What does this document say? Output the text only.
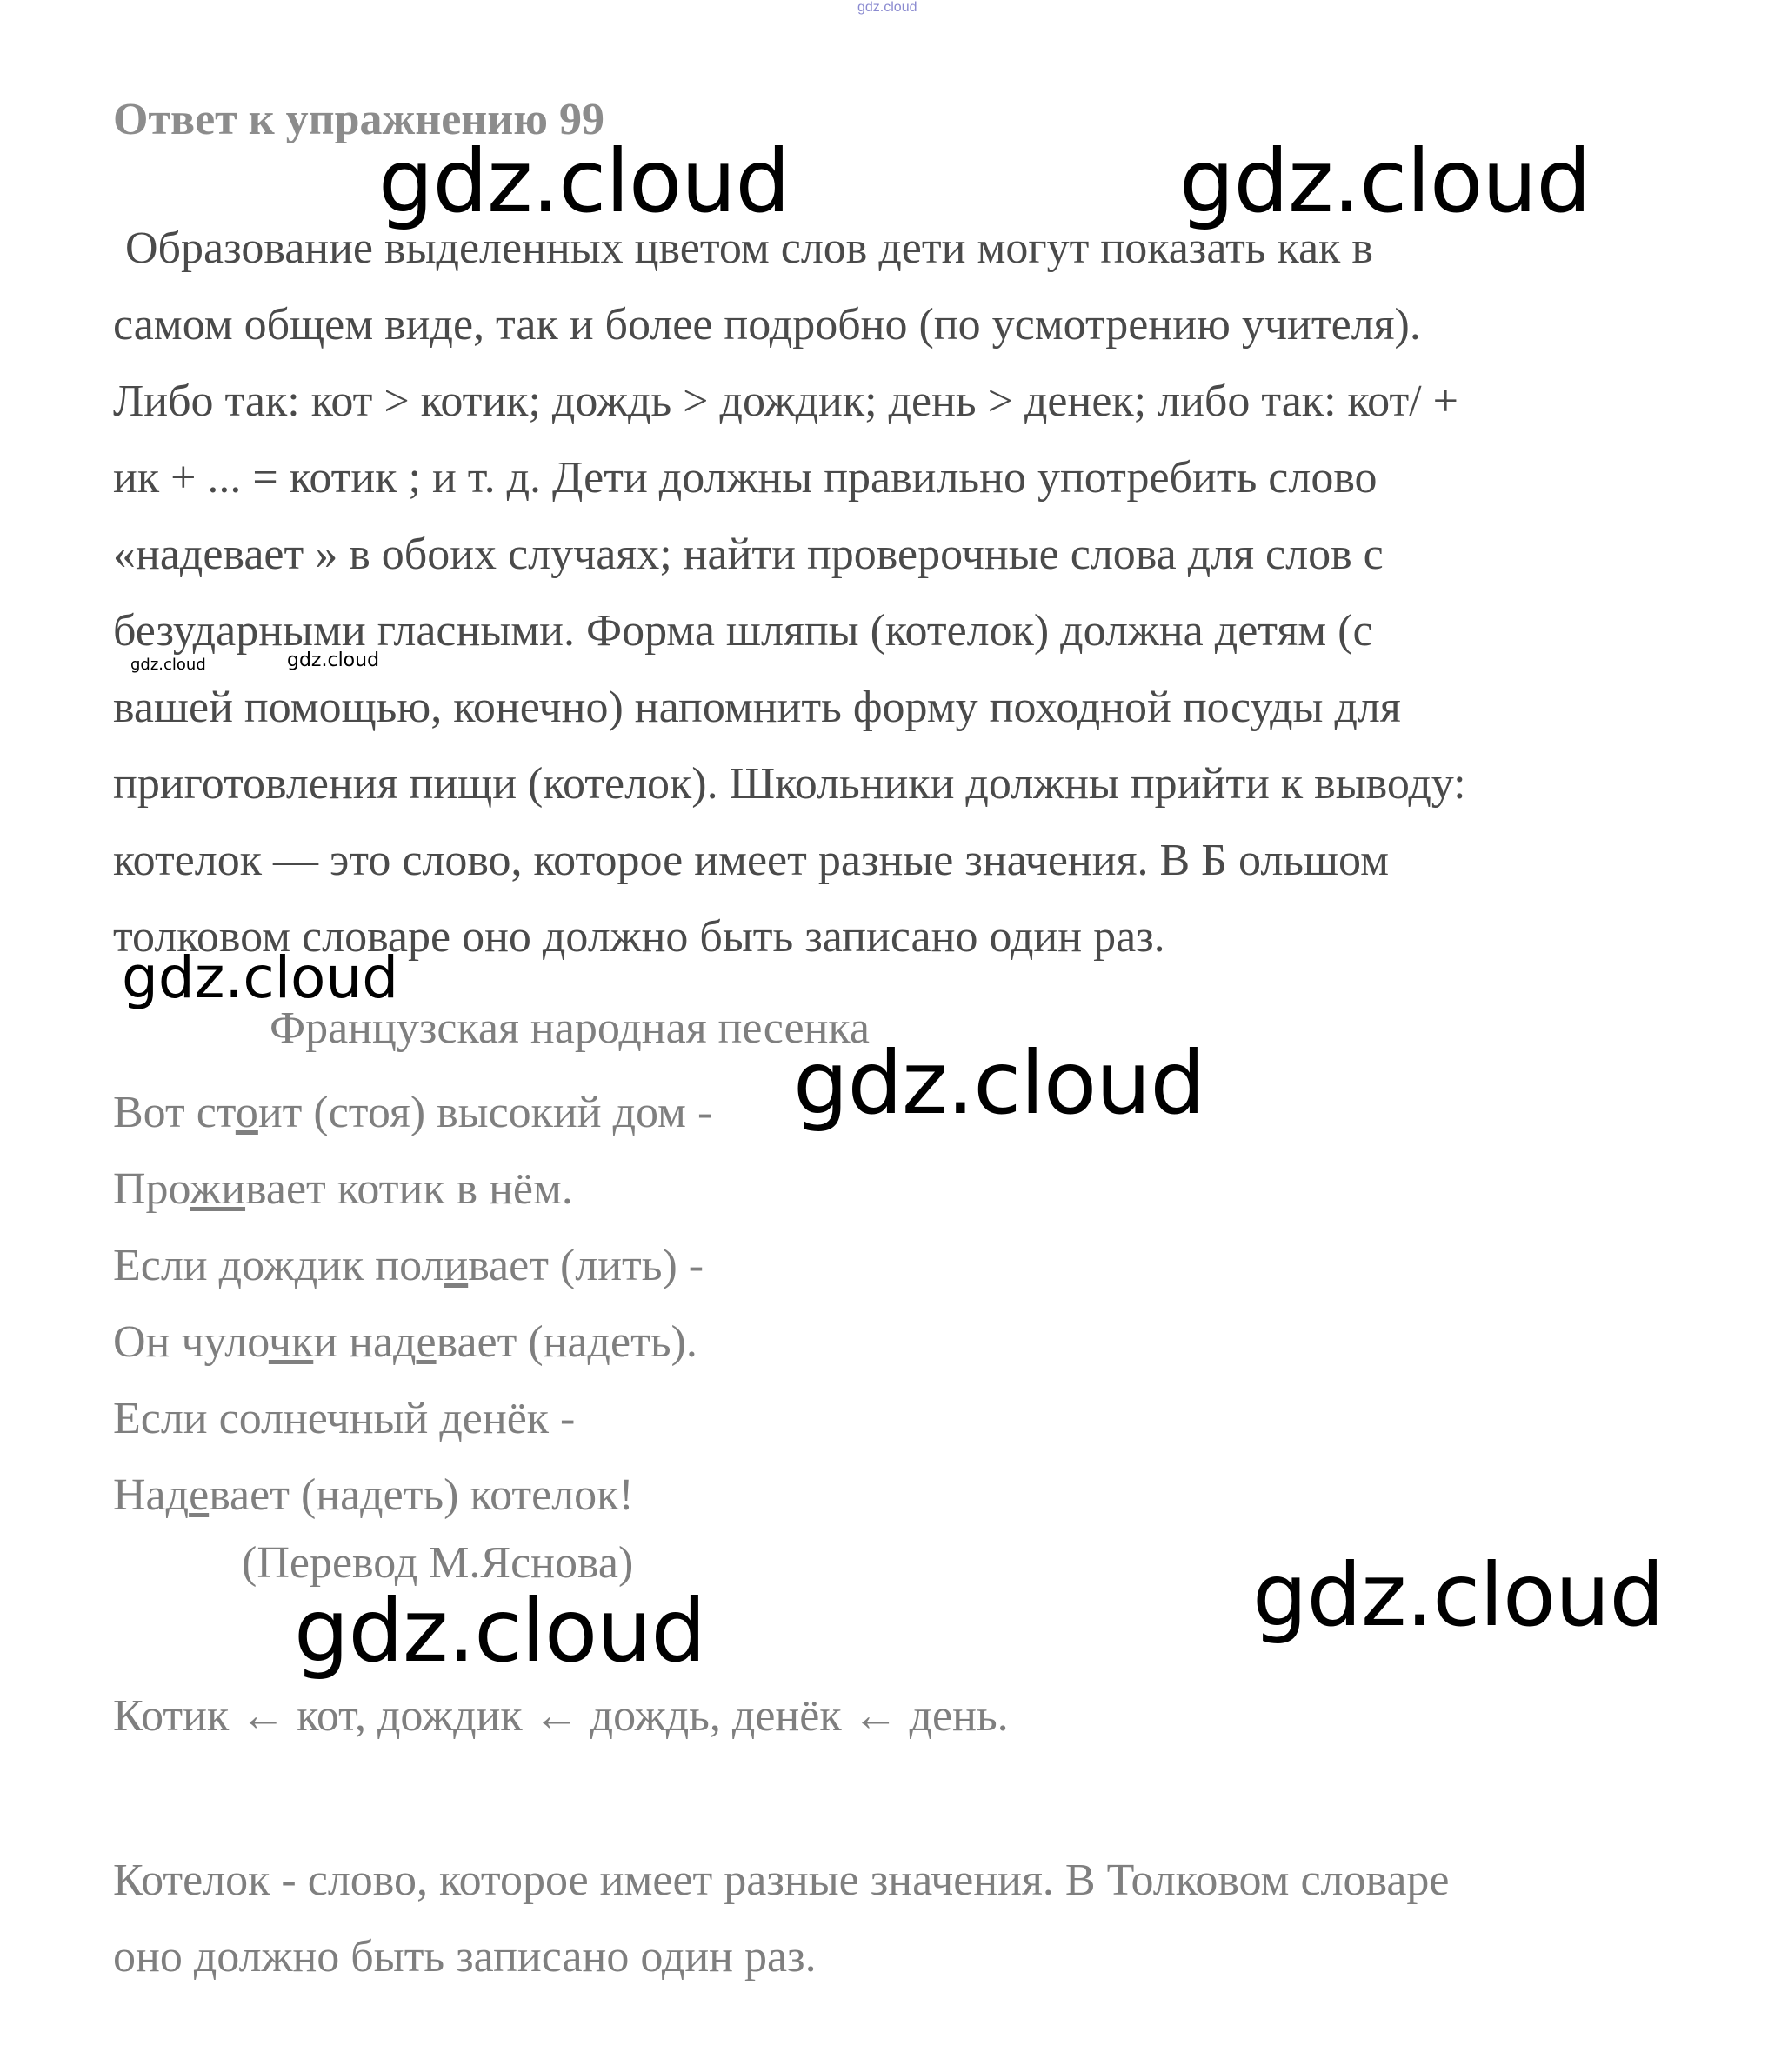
gdz.cloud
Ответ к упражнению 99
Образование выделенных цветом слов дети могут показать как в
самом общем виде, так и более подробно (по усмотрению учителя).
Либо так: кот > котик; дождь > дождик; день > денек; либо так: кот/ +
ик + ... = котик ; и т. д. Дети должны правильно употребить слово
«надевает » в обоих случаях; найти проверочные слова для слов с
безударными гласными. Форма шляпы (котелок) должна детям (с
вашей помощью, конечно) напомнить форму походной посуды для
приготовления пищи (котелок). Школьники должны прийти к выводу:
котелок — это слово, которое имеет разные значения. В Б ольшом
толковом словаре оно должно быть записано один раз.
Французская народная песенка
Вот стоит (стоя) высокий дом -
Проживает котик в нём.
Если дождик поливает (лить) -
Он чулочки надевает (надеть).
Если солнечный денёк -
Надевает (надеть) котелок!
(Перевод М.Яснова)
Котик ← кот, дождик ← дождь, денёк ← день.
Котелок - слово, которое имеет разные значения. В Толковом словаре
оно должно быть записано один раз.
gdz.cloud	gdz.cloud
gdz.cloud	gdz.cloud
gdz.cloud
gdz.cloud
gdz.cloud
gdz.cloud
